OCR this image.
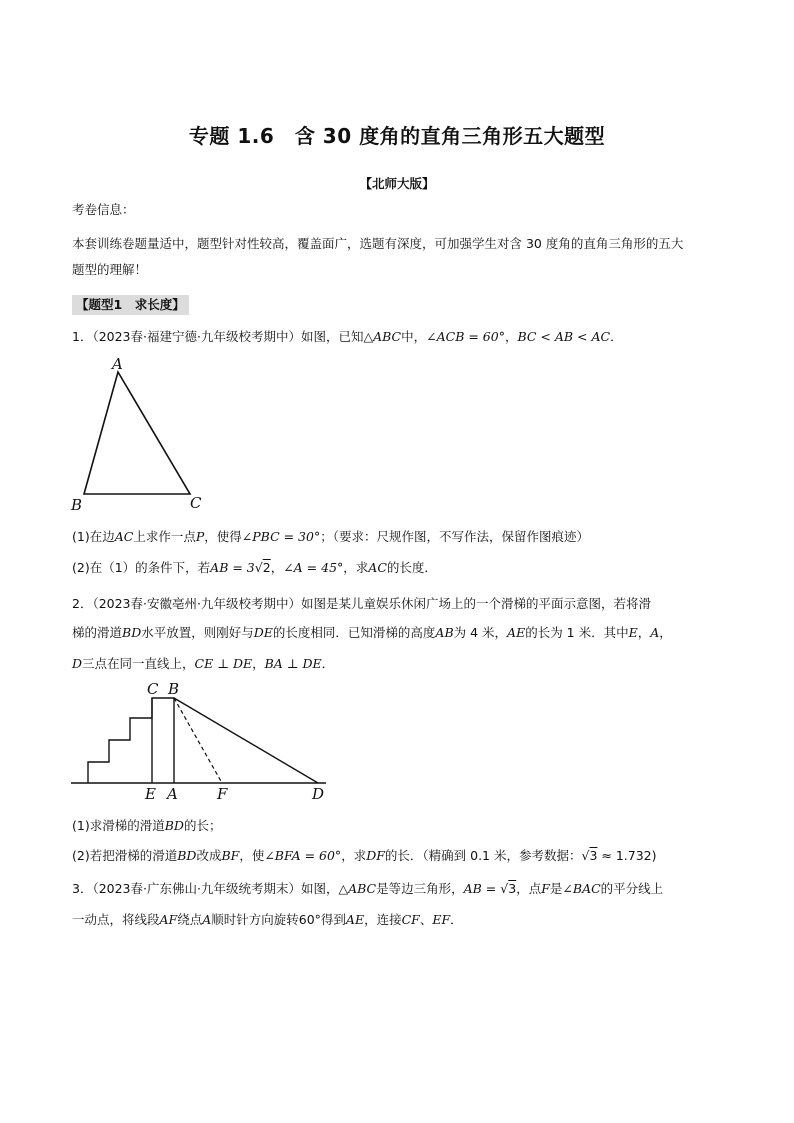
专题 1.6　含 30 度角的直角三角形五大题型
【北师大版】
考卷信息：
本套训练卷题量适中，题型针对性较高，覆盖面广，选题有深度，可加强学生对含 30 度角的直角三角形的五大
题型的理解！
【题型1　求长度】
1．（2023春·福建宁德·九年级校考期中）如图，已知△ABC中，∠ACB = 60°，BC < AB < AC．
A
B	C
(1)在边AC上求作一点P，使得∠PBC = 30°；（要求：尺规作图，不写作法，保留作图痕迹）
(2)在（1）的条件下，若AB = 3√2，∠A = 45°，求AC的长度．
2．（2023春·安徽亳州·九年级校考期中）如图是某儿童娱乐休闲广场上的一个滑梯的平面示意图，若将滑
梯的滑道BD水平放置，则刚好与DE的长度相同．已知滑梯的高度AB为 4 米，AE的长为 1 米．其中E，A，
D三点在同一直线上，CE ⊥ DE，BA ⊥ DE．
C B
E A	F	D
(1)求滑梯的滑道BD的长；
(2)若把滑梯的滑道BD改成BF，使∠BFA = 60°，求DF的长．（精确到 0.1 米，参考数据：√3 ≈ 1.732)
3．（2023春·广东佛山·九年级统考期末）如图，△ABC是等边三角形，AB = √3，点F是∠BAC的平分线上
一动点，将线段AF绕点A顺时针方向旋转60°得到AE，连接CF、EF．
